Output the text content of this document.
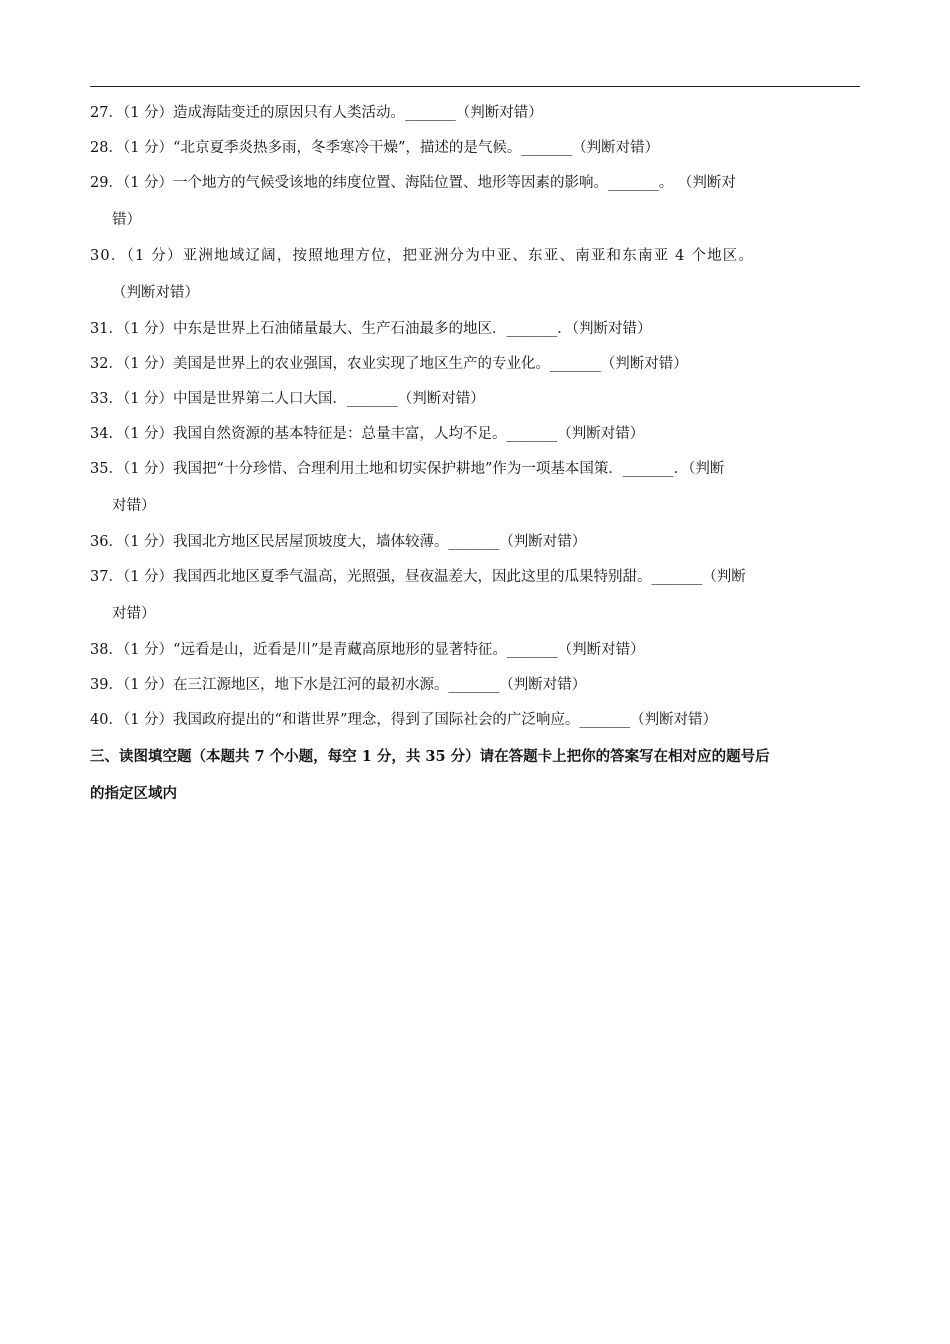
27．（1 分）造成海陆变迁的原因只有人类活动。_______（判断对错）

28．（1 分）“北京夏季炎热多雨，冬季寒冷干燥”，描述的是气候。_______（判断对错）

29．（1 分）一个地方的气候受该地的纬度位置、海陆位置、地形等因素的影响。_______。 （判断对
错）

30．（1 分）亚洲地域辽阔，按照地理方位，把亚洲分为中亚、东亚、南亚和东南亚 4 个地区。
（判断对错）

31．（1 分）中东是世界上石油储量最大、生产石油最多的地区．_______．（判断对错）

32．（1 分）美国是世界上的农业强国，农业实现了地区生产的专业化。_______（判断对错）

33．（1 分）中国是世界第二人口大国．_______（判断对错）

34．（1 分）我国自然资源的基本特征是：总量丰富，人均不足。_______（判断对错）

35．（1 分）我国把“十分珍惜、合理利用土地和切实保护耕地”作为一项基本国策．_______．（判断
对错）

36．（1 分）我国北方地区民居屋顶坡度大，墙体较薄。_______（判断对错）

37．（1 分）我国西北地区夏季气温高，光照强，昼夜温差大，因此这里的瓜果特别甜。_______（判断
对错）

38．（1 分）“远看是山，近看是川”是青藏高原地形的显著特征。_______（判断对错）

39．（1 分）在三江源地区，地下水是江河的最初水源。_______（判断对错）

40．（1 分）我国政府提出的“和谐世界”理念，得到了国际社会的广泛响应。_______（判断对错）

三、读图填空题（本题共 7 个小题，每空 1 分，共 35 分）请在答题卡上把你的答案写在相对应的题号后
的指定区域内
